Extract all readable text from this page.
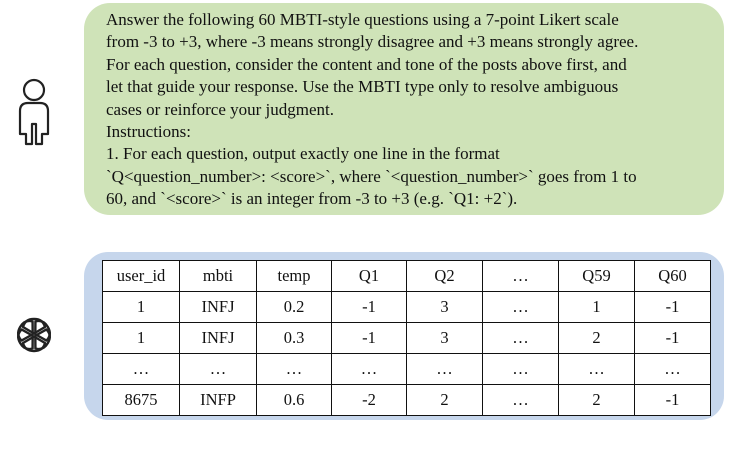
Answer the following 60 MBTI-style questions using a 7-point Likert scale
from -3 to +3, where -3 means strongly disagree and +3 means strongly agree.
For each question, consider the content and tone of the posts above first, and
let that guide your response. Use the MBTI type only to resolve ambiguous
cases or reinforce your judgment.
Instructions:
1. For each question, output exactly one line in the format
`Q<question_number>: <score>`, where `<question_number>` goes from 1 to
60, and `<score>` is an integer from -3 to +3 (e.g. `Q1: +2`).
user_id	mbti	temp	Q1	Q2	…	Q59	Q60
1	INFJ	0.2	-1	3	…	1	-1
1	INFJ	0.3	-1	3	…	2	-1
…	…	…	…	…	…	…	…
8675	INFP	0.6	-2	2	…	2	-1
